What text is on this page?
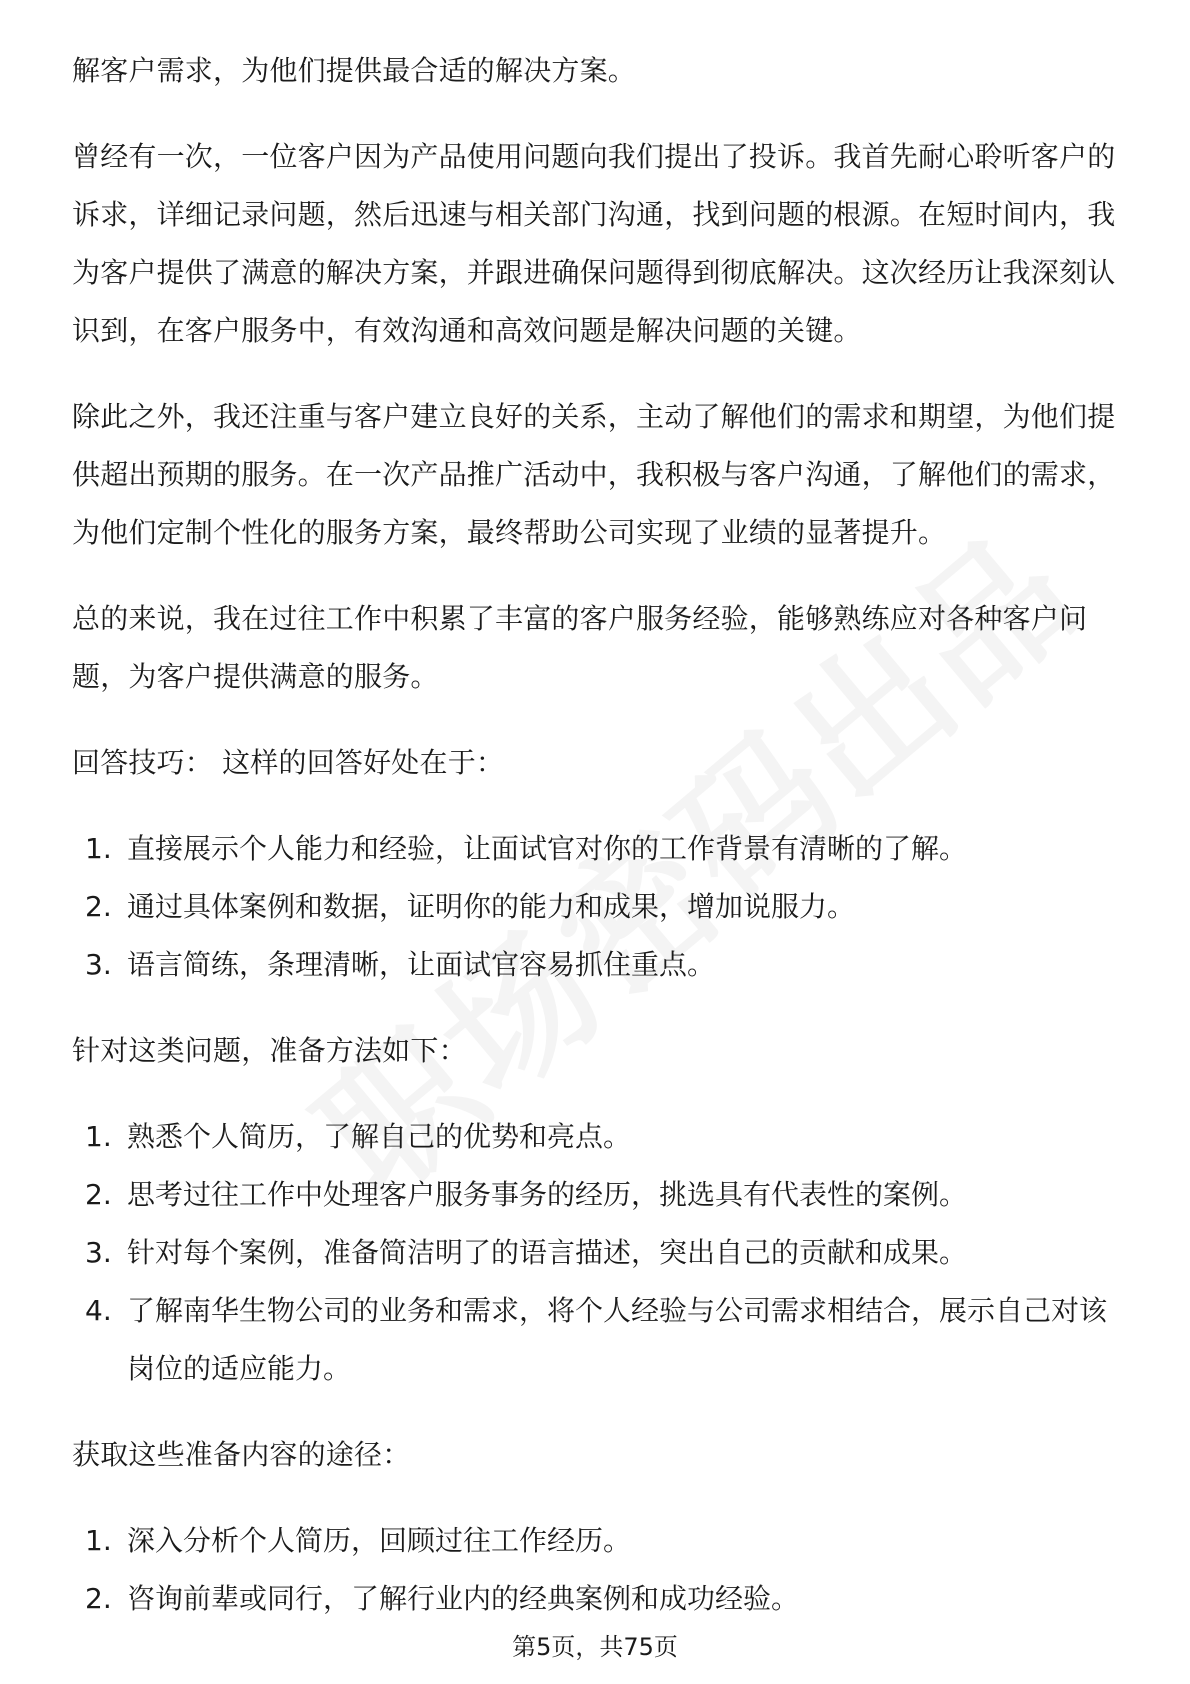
解客户需求，为他们提供最合适的解决方案。

曾经有一次，一位客户因为产品使用问题向我们提出了投诉。我首先耐心聆听客户的诉求，详细记录问题，然后迅速与相关部门沟通，找到问题的根源。在短时间内，我为客户提供了满意的解决方案，并跟进确保问题得到彻底解决。这次经历让我深刻认识到，在客户服务中，有效沟通和高效问题是解决问题的关键。

除此之外，我还注重与客户建立良好的关系，主动了解他们的需求和期望，为他们提供超出预期的服务。在一次产品推广活动中，我积极与客户沟通，了解他们的需求，为他们定制个性化的服务方案，最终帮助公司实现了业绩的显著提升。

总的来说，我在过往工作中积累了丰富的客户服务经验，能够熟练应对各种客户问题，为客户提供满意的服务。

回答技巧： 这样的回答好处在于：

1. 直接展示个人能力和经验，让面试官对你的工作背景有清晰的了解。
2. 通过具体案例和数据，证明你的能力和成果，增加说服力。
3. 语言简练，条理清晰，让面试官容易抓住重点。

针对这类问题，准备方法如下：

1. 熟悉个人简历，了解自己的优势和亮点。
2. 思考过往工作中处理客户服务事务的经历，挑选具有代表性的案例。
3. 针对每个案例，准备简洁明了的语言描述，突出自己的贡献和成果。
4. 了解南华生物公司的业务和需求，将个人经验与公司需求相结合，展示自己对该岗位的适应能力。

获取这些准备内容的途径：

1. 深入分析个人简历，回顾过往工作经历。
2. 咨询前辈或同行，了解行业内的经典案例和成功经验。
第5页，共75页
